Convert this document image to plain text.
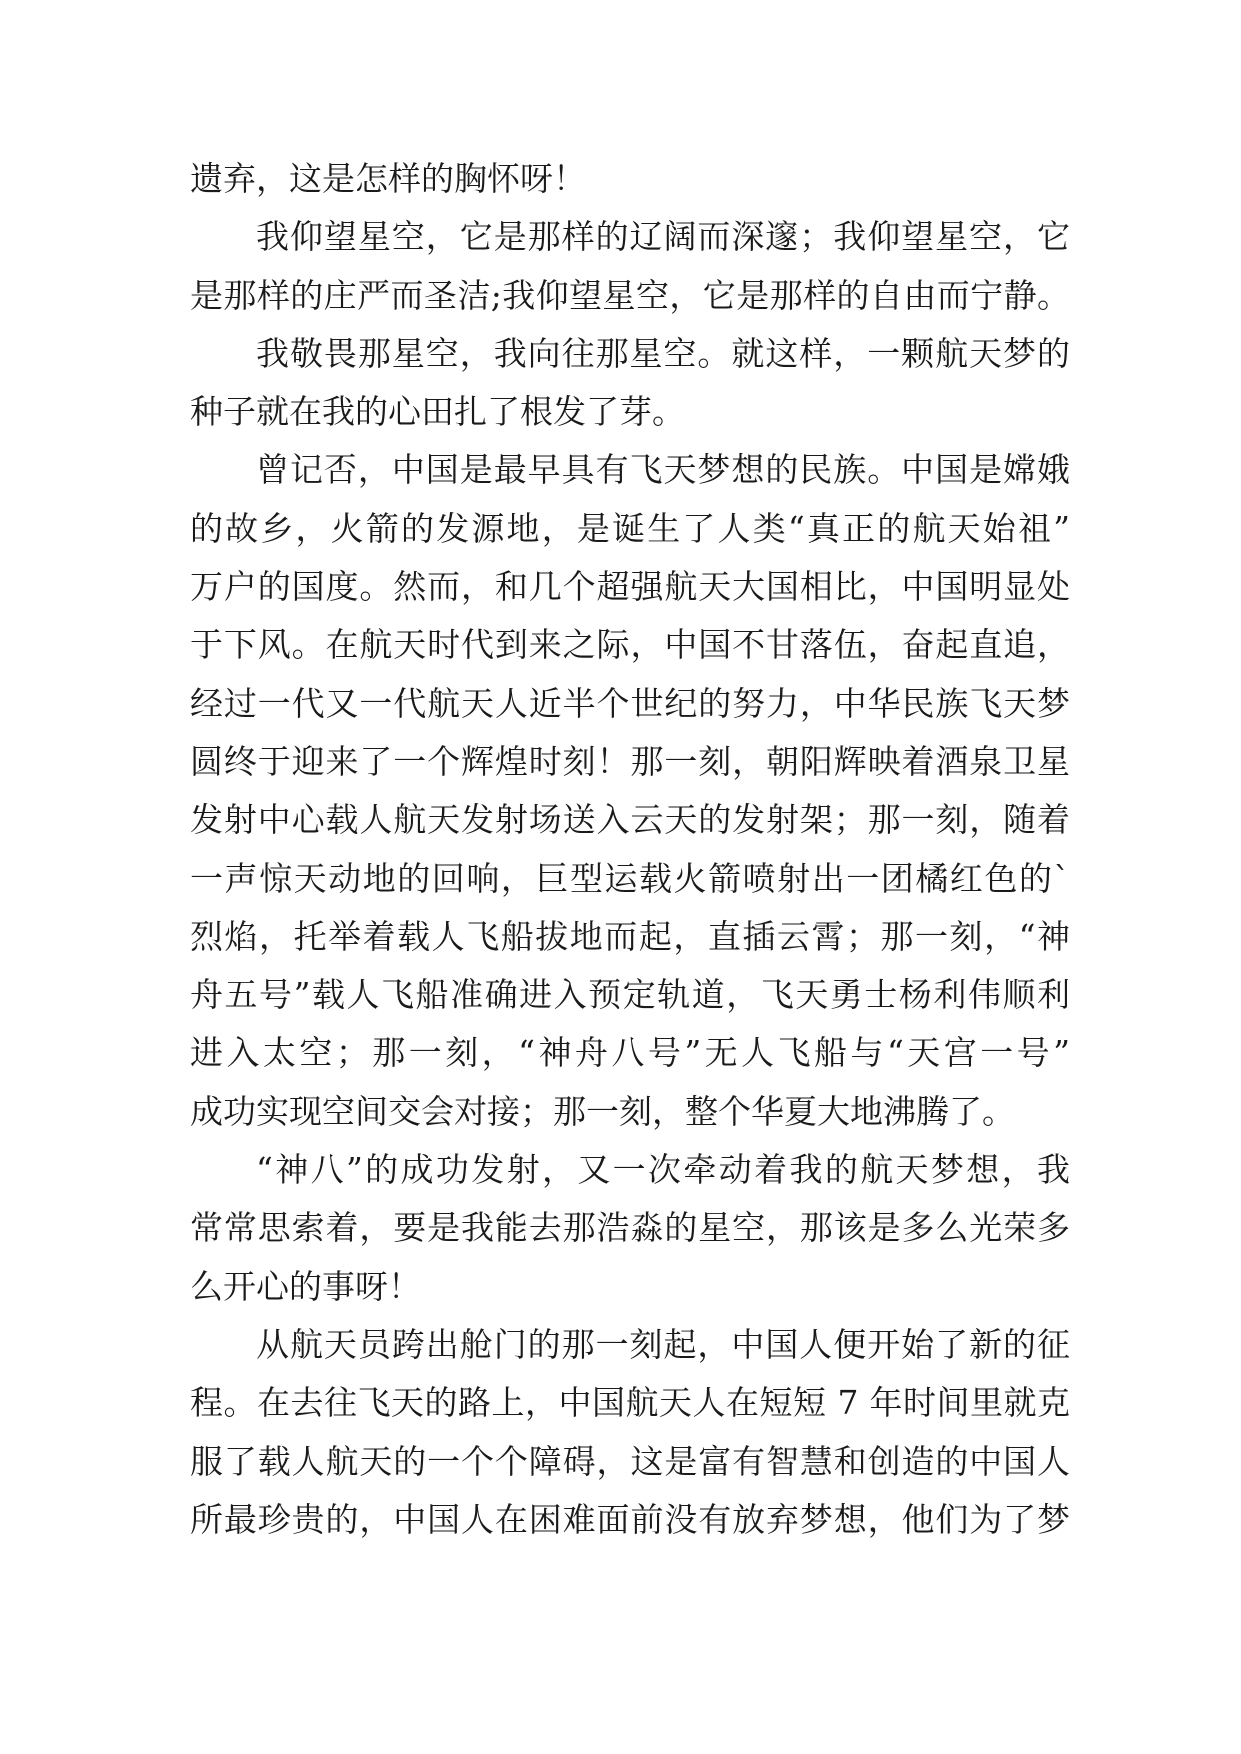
遗弃，这是怎样的胸怀呀！
我仰望星空，它是那样的辽阔而深邃；我仰望星空，它
是那样的庄严而圣洁;我仰望星空，它是那样的自由而宁静。
我敬畏那星空，我向往那星空。就这样，一颗航天梦的
种子就在我的心田扎了根发了芽。
曾记否，中国是最早具有飞天梦想的民族。中国是嫦娥
的故乡，火箭的发源地，是诞生了人类“真正的航天始祖”
万户的国度。然而，和几个超强航天大国相比，中国明显处
于下风。在航天时代到来之际，中国不甘落伍，奋起直追，
经过一代又一代航天人近半个世纪的努力，中华民族飞天梦
圆终于迎来了一个辉煌时刻！那一刻，朝阳辉映着酒泉卫星
发射中心载人航天发射场送入云天的发射架；那一刻，随着
一声惊天动地的回响，巨型运载火箭喷射出一团橘红色的`
烈焰，托举着载人飞船拔地而起，直插云霄；那一刻，“神
舟五号”载人飞船准确进入预定轨道，飞天勇士杨利伟顺利
进入太空；那一刻，“神舟八号”无人飞船与“天宫一号”
成功实现空间交会对接；那一刻，整个华夏大地沸腾了。
“神八”的成功发射，又一次牵动着我的航天梦想，我
常常思索着，要是我能去那浩淼的星空，那该是多么光荣多
么开心的事呀！
从航天员跨出舱门的那一刻起，中国人便开始了新的征
程。在去往飞天的路上，中国航天人在短短 7 年时间里就克
服了载人航天的一个个障碍，这是富有智慧和创造的中国人
所最珍贵的，中国人在困难面前没有放弃梦想，他们为了梦
